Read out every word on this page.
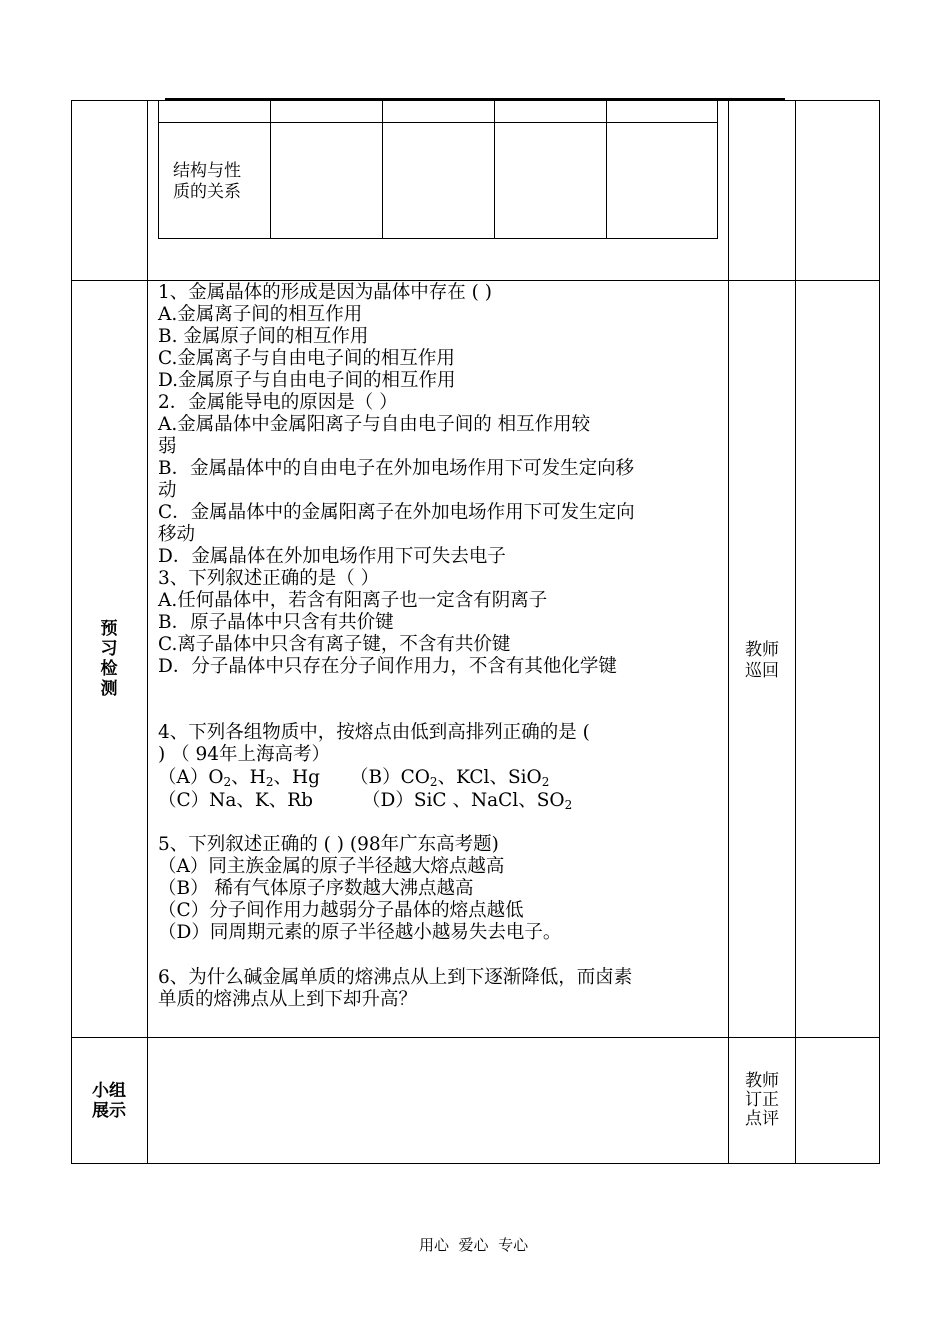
结构与性质的关系
预习检测
教师巡回
1、金属晶体的形成是因为晶体中存在 ( )
A.金属离子间的相互作用
B. 金属原子间的相互作用
C.金属离子与自由电子间的相互作用
D.金属原子与自由电子间的相互作用
2．金属能导电的原因是（ ）
A.金属晶体中金属阳离子与自由电子间的 相互作用较
弱
B．金属晶体中的自由电子在外加电场作用下可发生定向移
动
C．金属晶体中的金属阳离子在外加电场作用下可发生定向
移动
D．金属晶体在外加电场作用下可失去电子
3、下列叙述正确的是（ ）
A.任何晶体中，若含有阳离子也一定含有阴离子
B．原子晶体中只含有共价键
C.离子晶体中只含有离子键，不含有共价键
D．分子晶体中只存在分子间作用力，不含有其他化学键
4、下列各组物质中，按熔点由低到高排列正确的是 (
) （ 94年上海高考）
$(A)O_2$、$H_2$、Hg $(B)CO_2$、KCl、SiO$_2$
（C）Na、K、Rb	（D）SiC 、NaCl、$SO_2$
5、下列叙述正确的 ( ) (98年广东高考题)
（A）同主族金属的原子半径越大熔点越高
（B） 稀有气体原子序数越大沸点越高
（C）分子间作用力越弱分子晶体的熔点越低
（D）同周期元素的原子半径越小越易失去电子。
6、为什么碱金属单质的熔沸点从上到下逐渐降低，而卤素
单质的熔沸点从上到下却升高？
小组展示
教师订正点评
用心  爱心  专心
